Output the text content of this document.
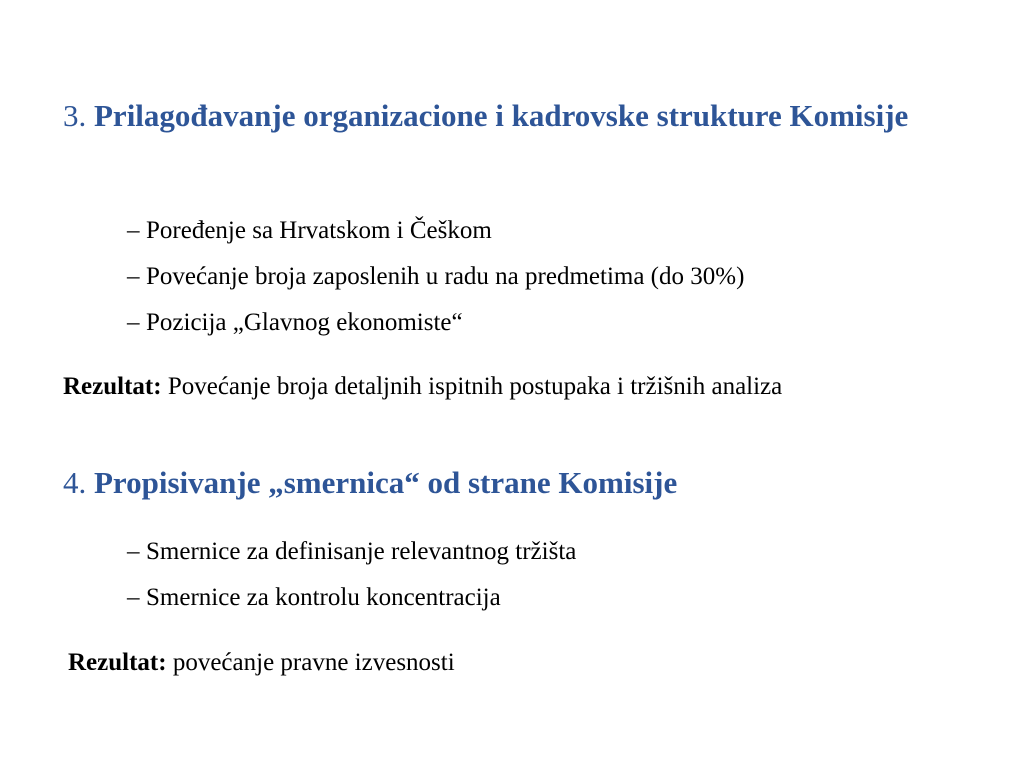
3. Prilagođavanje organizacione i kadrovske strukture Komisije
– Poređenje sa Hrvatskom i Češkom
– Povećanje broja zaposlenih u radu na predmetima (do 30%)
– Pozicija „Glavnog ekonomiste“

Rezultat: Povećanje broja detaljnih ispitnih postupaka i tržišnih analiza

4. Propisivanje „smernica“ od strane Komisije
– Smernice za definisanje relevantnog tržišta
– Smernice za kontrolu koncentracija

Rezultat: povećanje pravne izvesnosti
